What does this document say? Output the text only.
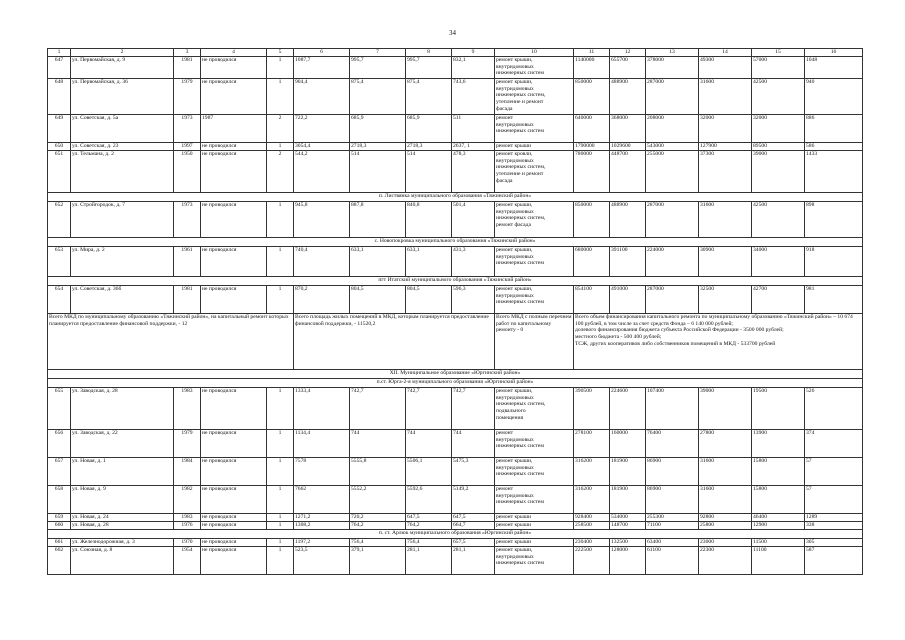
34
1	2	3	4	5	6	7	8	9	10	11	12	13	14	15	16
647	ул. Первомайская, д. 9	1981	не проводился	1	1087,7	995,7	995,7	832,1	ремонт крыши,
внутридомовых
инженерных систем	1140000	655700	378000	49300	57000	1048
648	ул. Первомайская, д. 36	1979	не проводился	1	904,4	875,4	875,4	743,6	ремонт крыши,
внутридомовых
инженерных систем,
утепление и ремонт
фасада	850000	488900	287000	31600	42500	940
649	ул. Советская, д. 5а	1973	1987	2	722,2	685,9	685,9	511	ремонт
внутридомовых
инженерных систем	640000	368000	208000	32000	32000	886
650	ул. Советская, д. 23	1997	не проводился	1	3054,4	2718,3	2718,3	2637, 1	ремонт крыши	1790000	1029600	543000	127900	89500	586
651	ул. Тельмана, д. 2	1950	не проводился	2	544,2	514	514	478,3	ремонт кровли,
внутридомовых
инженерных систем,
утепление и ремонт
фасада	780000	448700	255000	37300	39000	1433
п. Листвянка муниципального образования «Тяжинский район»															
652	ул. Стройгородок, д. 7	1973	не проводился	1	945,8	887,8	840,8	501,4	ремонт крыши,
внутридомовых
инженерных систем,
ремонт фасада	850000	488900	287000	31600	42500	898
с. Новопокровка муниципального образования «Тяжинский район»															
653	ул. Мира, д. 2	1961	не проводился	1	740,4	633,1	633,1	431,3	ремонт крыши,
внутридомовых
инженерных систем	680000	391100	224000	30900	34000	918
пгт Итатский муниципального образования «Тяжинский район»															
654	ул. Советская, д. 36б	1981	не проводился	1	870,2	804,5	804,5	596,3	ремонт крыши,
внутридомовых
инженерных систем	854100	491000	287000	32500	42700	981
Всего МКД по муниципальному образованию «Тяжинский район», на капитальный ремонт которых планируется предоставление финансовой поддержки, - 12					Всего площадь жилых помещений в МКД, которым планируется предоставление финансовой поддержки, - 11520,2				Всего МКД с полным перечнем работ по капитальному ремонту - 0	Всего объем финансирования капитального ремонта по муниципальному образованию «Тяжинский район» – 10 674 100 рублей, в том числе за счет средств Фонда – 6 140 000 рублей;
долевого финансирования бюджета субъекта Российской Федерации - 3500 000 рублей;
местного бюджета - 500 400 рублей;
ТСЖ, других кооперативов либо собственников помещений в МКД - 533700 рублей					
XII. Муниципальное образование «Юргинский район»															
п.ст. Юрга-2-я муниципального образования «Юргинский район»															
655	ул. Заводская, д. 28	1983	не проводился	1	1333,4	742,7	742,7	742,7	ремонт крыши,
внутридомовых
инженерных систем,
подвального
помещения	390500	224600	107400	39000	19500	526
656	ул. Заводская, д. 22	1979	не проводился	1	1134,4	744	744	744	ремонт
внутридомовых
инженерных систем	278100	160000	76400	27800	13900	374
657	ул. Новая, д. 1	1984	не проводился	1	7578	5555,8	5506,1	5475,3	ремонт крыши,
внутридомовых
инженерных систем	316200	181900	86900	31600	15800	57
658	ул. Новая, д. 9	1982	не проводился	1	7662	5552,2	5592,6	5149,2	ремонт
внутридомовых
инженерных систем	316200	181900	86900	31600	15800	57
659	ул. Новая, д. 24	1983	не проводился	1	1271,2	720,2	647,5	647,5	ремонт крыши	928400	534000	255300	92800	46400	1289
660	ул. Новая, д. 28	1976	не проводился	1	1308,2	764,2	764,2	664,7	ремонт крыши	258500	148700	71100	25800	12900	338
п. ст. Арлюк муниципального образования «Юргинский район»															
661	ул. Железнодорожная, д. 3	1970	не проводился	1	1197,2	756,4	756,4	657,5	ремонт крыши	230400	132500	63400	23000	11500	305
662	ул. Союзная, д. 8	1954	не проводился	1	523,5	379,1	281,1	281,1	ремонт крыши,
внутридомовых
инженерных систем	222500	128000	61100	22300	11100	587
